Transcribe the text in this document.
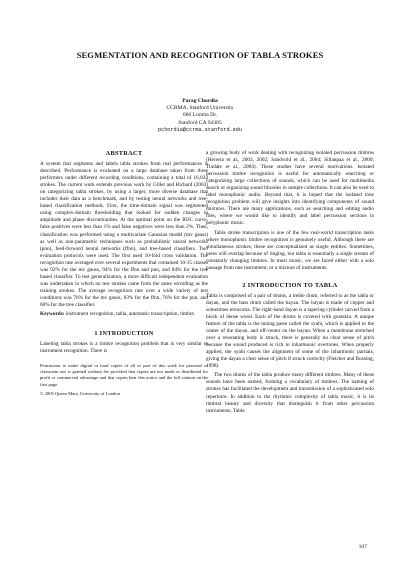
SEGMENTATION AND RECOGNITION OF TABLA STROKES
Parag Chordia
CCRMA, Stanford University
660 Lomita Dr.
Stanford CA 94305
pchordia@ccrma.stanford.edu
ABSTRACT

A system that segments and labels tabla strokes from real performances is described. Performance is evaluated on a large database taken from three performers under different recording conditions, containing a total of 16,834 strokes. The current work extends previous work by Gillet and Richard (2003) on categorizing tabla strokes, by using a larger, more diverse database that includes their data as a benchmark, and by testing neural networks and tree-based classification methods. First, the time-domain signal was segmented using complex-domain thresholding that looked for sudden changes in amplitude and phase discontinuities. At the optimal point on the ROC curve, false positives were less than 1% and false negatives were less than 2%. Then, classification was performed using a multivariate Gaussian model (mv gauss) as well as non-parametric techniques such as probabilistic neural networks (pnn), feed-forward neural networks (ffnn), and tree-based classifiers. Two evaluation protocols were used. The first used 10-fold cross validation. The recognition rate averaged over several experiments that contained 10-15 classes was 92% for the mv gauss, 94% for the ffnn and pnn, and 84% for the tree based classifier. To test generalization, a more difficult independent evaluation was undertaken in which no test strokes came from the same recording as the training strokes. The average recognition rate over a wide variety of test conditions was 76% for the mv gauss, 83% for the ffnn, 76% for the pnn, and 66% for the tree classifier.

Keywords: instrument recognition, tabla, automatic transcription, timbre.

1 INTRODUCTION

Labeling tabla strokes is a timbre recognition problem that is very similar to instrument recognition. There is

Permission to make digital or hard copies of all or part of this work for personal or classroom use is granted without fee provided that copies are not made or distributed for profit or commercial advantage and that copies bear this notice and the full citation on the first page.

© 2005 Queen Mary, University of London

a growing body of work dealing with recognizing isolated percussion timbres (Herrera et al., 2003, 2002; Sandvold et al., 2004; Sillanpaa et al., 2000; Tindale et al., 2004). These studies have several motivations. Isolated percussion timbre recognition is useful for automatically searching or categorizing large collections of sounds, which can be used for multimedia search or organizing sound libraries in sample collections. It can also be used to label monophonic audio. Beyond that, it is hoped that the isolated tone recognition problem will give insights into identifying components of sound mixtures. There are many applications, such as searching and editing audio files, where we would like to identify and label percussion sections in polyphonic music.

Tabla stroke transcription is one of the few real-world transcription tasks where monophonic timbre recognition is genuinely useful. Although there are simultaneous strokes, these are conceptualized as single entities. Sometimes, notes will overlap because of ringing, but tabla is essentially a single stream of constantly changing timbres. In most music, we are faced either with a solo passage from one instrument, or a mixture of instruments.

2 INTRODUCTION TO TABLA

Tabla is comprised of a pair of drums, a treble drum, referred to as the tabla or dayan, and the bass drum called the bayan. The bayan is made of copper and sometimes terracotta. The right-hand dayan is a tapering cylinder carved from a block of dense wood. Each of the drums is covered with goatskin. A unique feature of the tabla is the tuning paste called the syahi, which is applied to the center of the dayan, and off-center on the bayan. When a membrane stretched over a resonating body is struck, there is generally no clear sense of pitch because the sound produced is rich in inharmonic overtones. When properly applied, the syahi causes the alignment of some of the inharmonic partials, giving the dayan a clear sense of pitch if struck correctly (Fletcher and Rossing, 1998).

The two drums of the tabla produce many different timbres. Many of these sounds have been named, forming a vocabulary of timbres. The naming of strokes has facilitated the development and transmission of a sophisticated solo repertoire. In addition to the rhythmic complexity of tabla music, it is its timbral beauty and diversity that distinguish it from other percussion instruments. Tabla

107
